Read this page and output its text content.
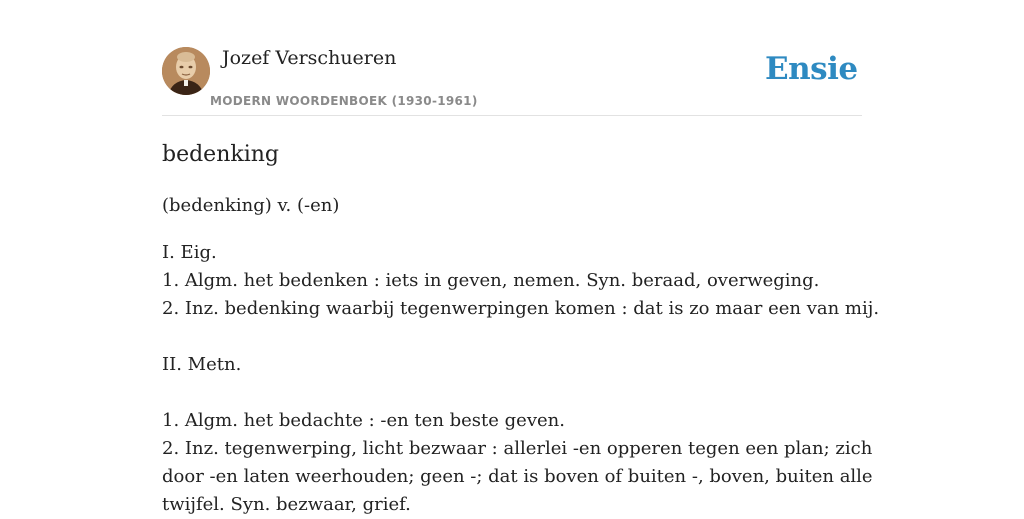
Jozef Verschueren
MODERN WOORDENBOEK (1930-1961)
Ensie
bedenking
(bedenking) v. (-en)
I. Eig.
1. Algm. het bedenken : iets in geven, nemen. Syn. beraad, overweging.
2. Inz. bedenking waarbij tegenwerpingen komen : dat is zo maar een van mij.
II. Metn.
1. Algm. het bedachte : -en ten beste geven.
2. Inz. tegenwerping, licht bezwaar : allerlei -en opperen tegen een plan; zich
door -en laten weerhouden; geen -; dat is boven of buiten -, boven, buiten alle
twijfel. Syn. bezwaar, grief.
